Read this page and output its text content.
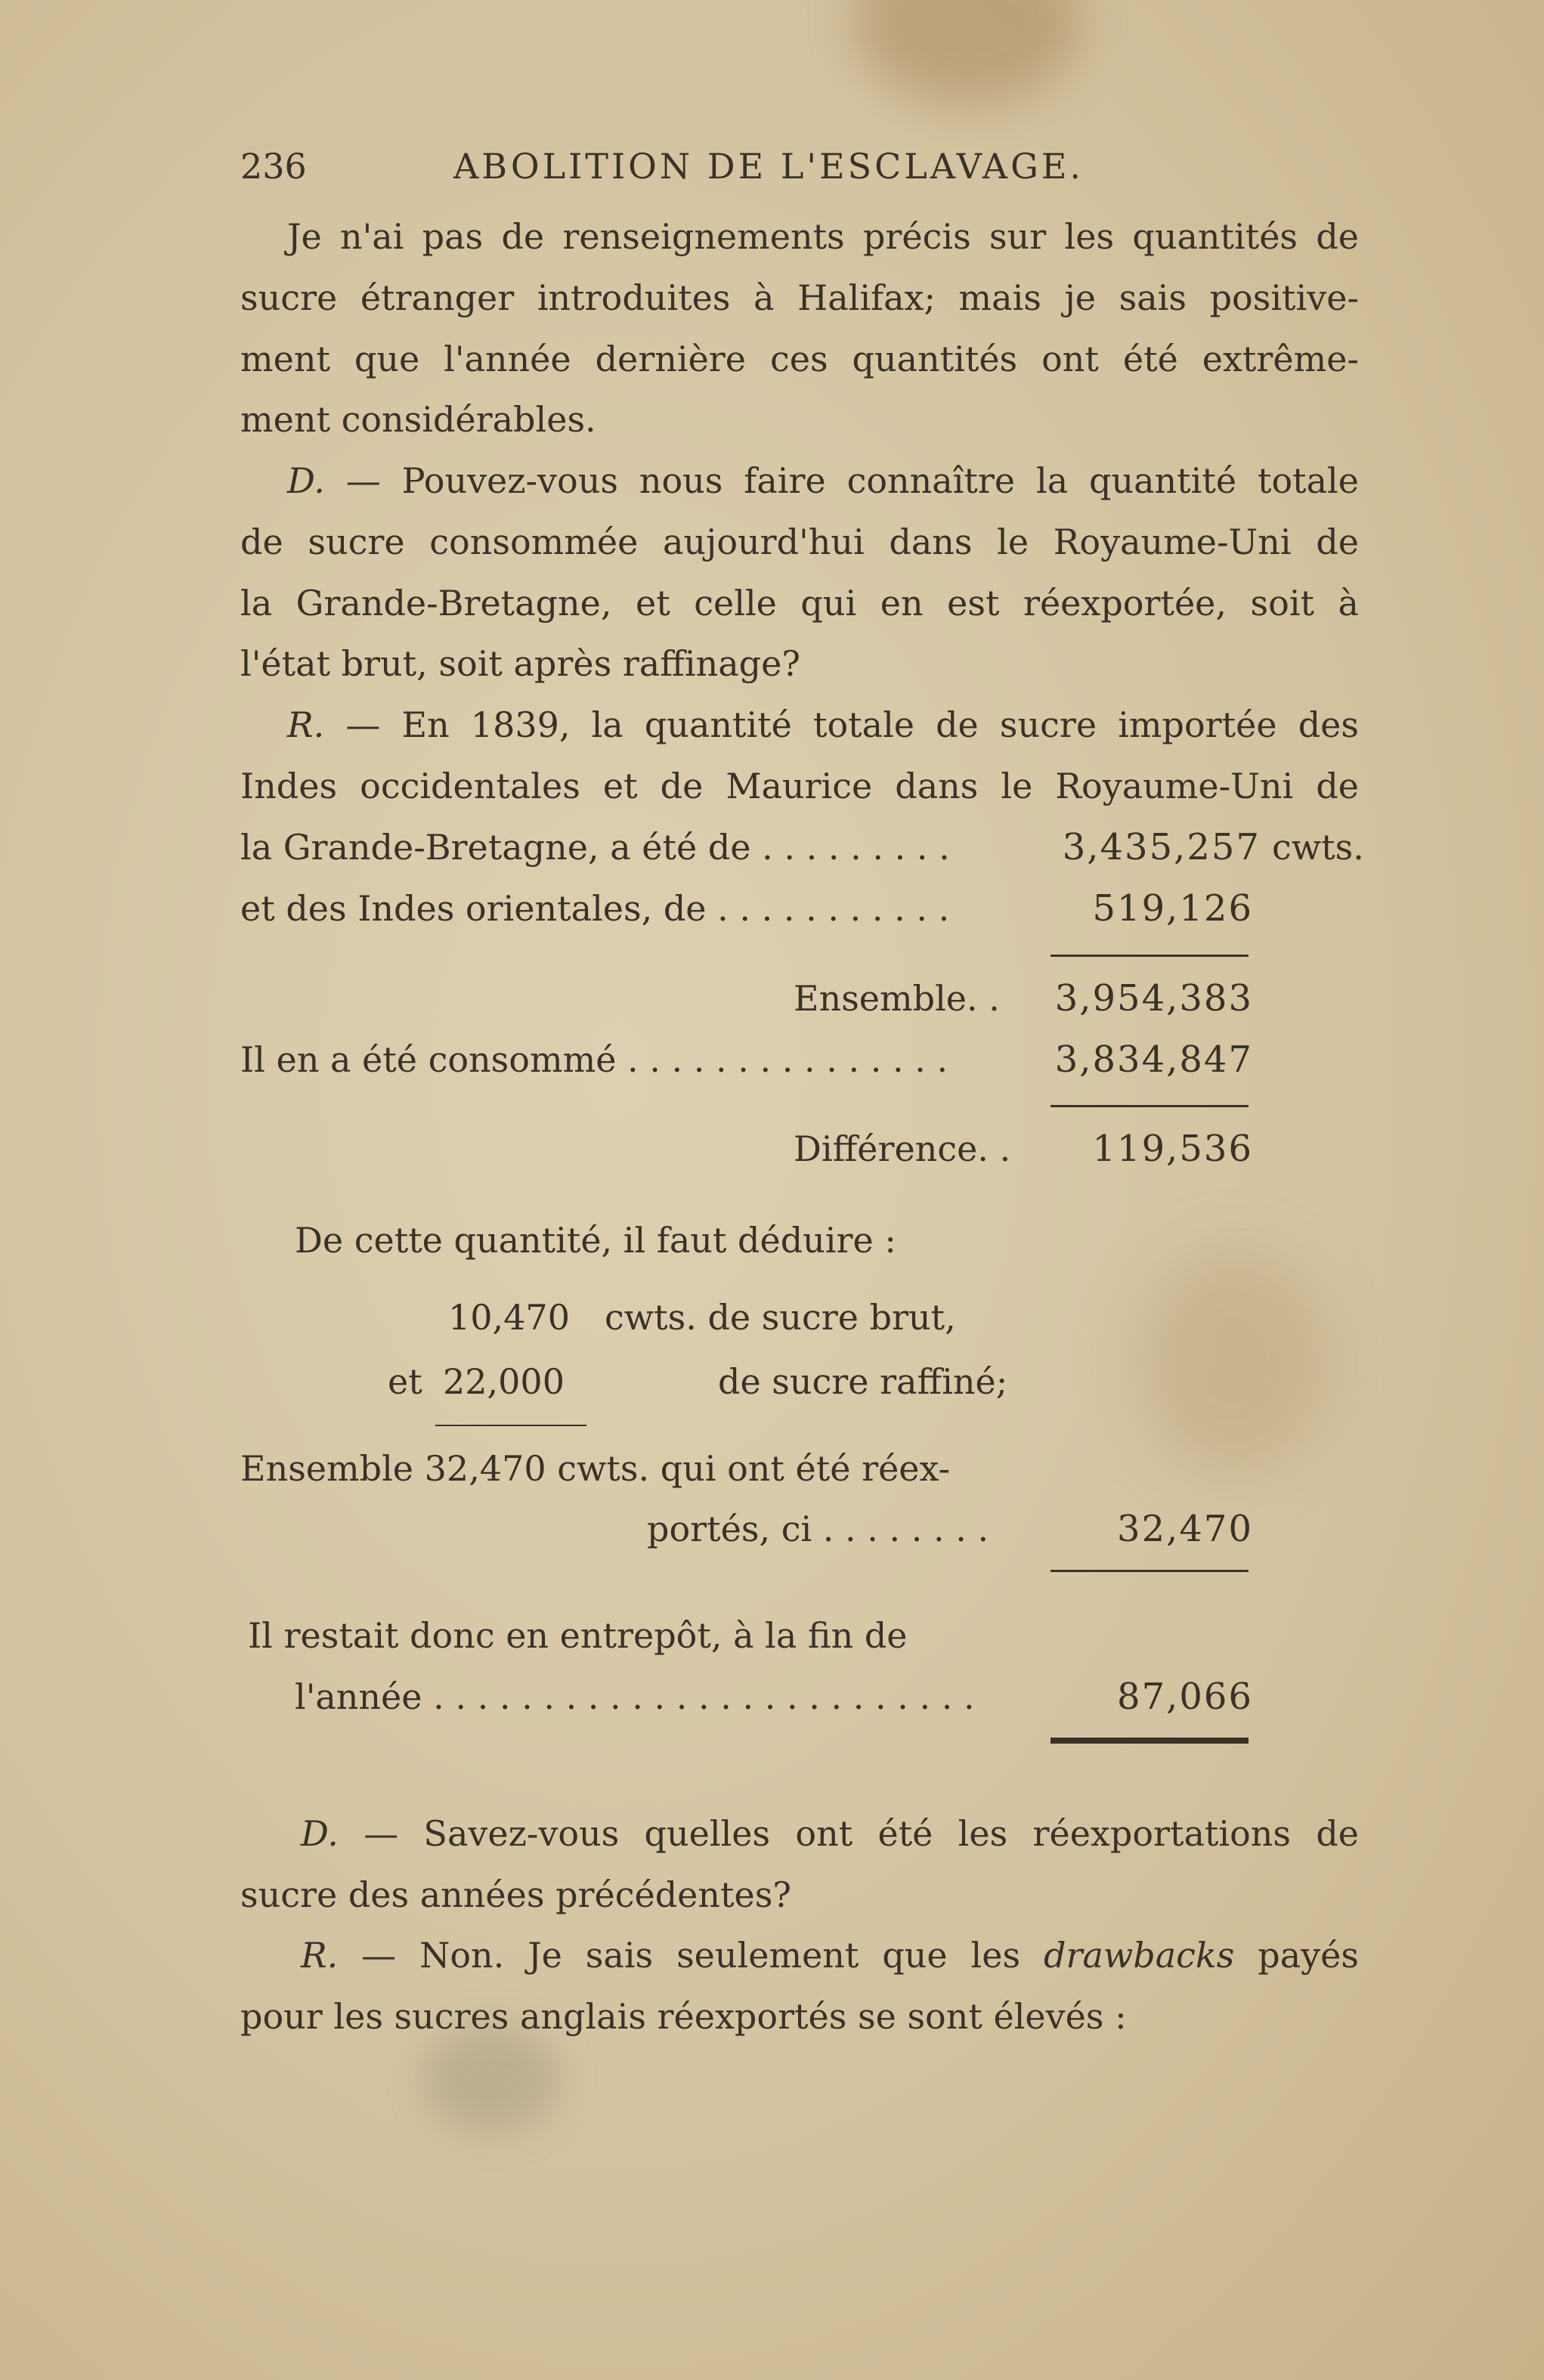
236	ABOLITION DE L'ESCLAVAGE.
Je n'ai pas de renseignements précis sur les quantités de
sucre étranger introduites à Halifax; mais je sais positive-
ment que l'année dernière ces quantités ont été extrême-
ment considérables.
D. — Pouvez-vous nous faire connaître la quantité totale
de sucre consommée aujourd'hui dans le Royaume-Uni de
la Grande-Bretagne, et celle qui en est réexportée, soit à
l'état brut, soit après raffinage?
R. — En 1839, la quantité totale de sucre importée des
Indes occidentales et de Maurice dans le Royaume-Uni de
la Grande-Bretagne, a été de . . . . . . . . .	3,435,257 cwts.
et des Indes orientales, de . . . . . . . . . . .	519,126
Ensemble. . 3,954,383
Il en a été consommé . . . . . . . . . . . . . . .	3,834,847
Différence. . 119,536
De cette quantité, il faut déduire :
10,470 cwts. de sucre brut,
et 22,000	de sucre raffiné;
Ensemble 32,470 cwts. qui ont été réex-
portés, ci . . . . . . . .	32,470
Il restait donc en entrepôt, à la fin de
l'année . . . . . . . . . . . . . . . . . . . . . . . . .	87,066
D. — Savez-vous quelles ont été les réexportations de
sucre des années précédentes?
R. — Non. Je sais seulement que les drawbacks payés
pour les sucres anglais réexportés se sont élevés :
